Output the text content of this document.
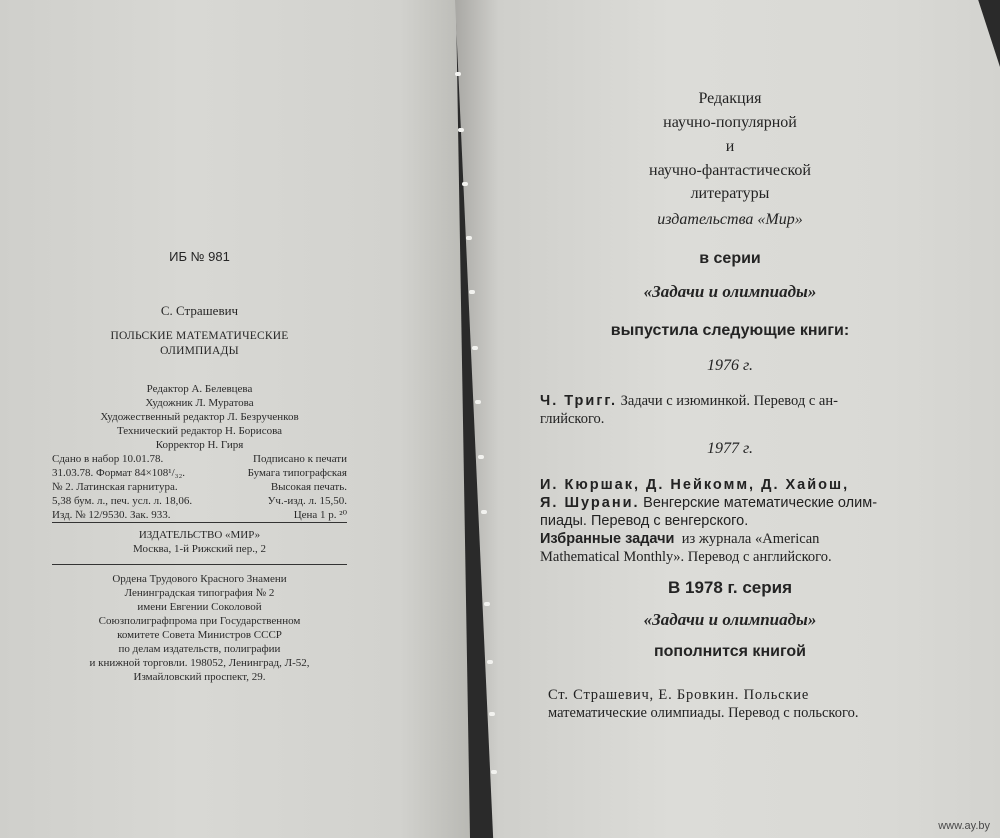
ИБ № 981
С. Страшевич
ПОЛЬСКИЕ МАТЕМАТИЧЕСКИЕ
ОЛИМПИАДЫ
Редактор А. Белевцева
Художник Л. Муратова
Художественный редактор Л. Безрученков
Технический редактор Н. Борисова
Корректор Н. Гиря
Сдано в набор 10.01.78.	Подписано к печати
31.03.78. Формат 84×108¹/₃₂.	Бумага типографская
№ 2. Латинская гарнитура.	Высокая печать.
5,38 бум. л., печ. усл. л. 18,06.	Уч.-изд. л. 15,50.
Изд. № 12/9530. Зак. 933.	Цена 1 р. ²⁰
ИЗДАТЕЛЬСТВО «МИР»
Москва, 1-й Рижский пер., 2
Ордена Трудового Красного Знамени
Ленинградская типография № 2
имени Евгении Соколовой
Союзполиграфпрома при Государственном
комитете Совета Министров СССР
по делам издательств, полиграфии
и книжной торговли. 198052, Ленинград, Л-52,
Измайловский проспект, 29.
Редакция
научно-популярной
и
научно-фантастической
литературы
издательства «Мир»
в серии
«Задачи и олимпиады»
выпустила следующие книги:
1976 г.
Ч. Тригг. Задачи с изюминкой. Перевод с ан-
глийского.
1977 г.
И. Кюршак, Д. Нейкомм, Д. Хайош,
Я. Шурани. Венгерские математические олим-
пиады. Перевод с венгерского.
Избранные задачи из журнала «American
Mathematical Monthly». Перевод с английского.
В 1978 г. серия
«Задачи и олимпиады»
пополнится книгой
Ст. Страшевич, Е. Бровкин. Польские
математические олимпиады. Перевод с польского.
www.ay.by
